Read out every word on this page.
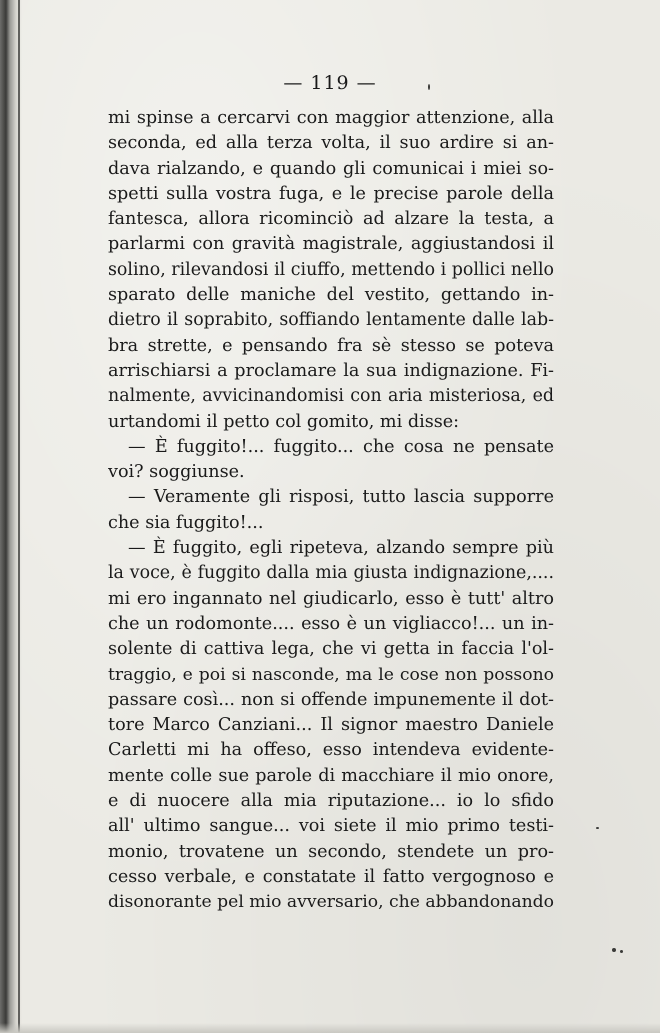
— 119 —
mi spinse a cercarvi con maggior attenzione, alla
seconda, ed alla terza volta, il suo ardire si an-
dava rialzando, e quando gli comunicai i miei so-
spetti sulla vostra fuga, e le precise parole della
fantesca, allora ricominciò ad alzare la testa, a
parlarmi con gravità magistrale, aggiustandosi il
solino, rilevandosi il ciuffo, mettendo i pollici nello
sparato delle maniche del vestito, gettando in-
dietro il soprabito, soffiando lentamente dalle lab-
bra strette, e pensando fra sè stesso se poteva
arrischiarsi a proclamare la sua indignazione. Fi-
nalmente, avvicinandomisi con aria misteriosa, ed
urtandomi il petto col gomito, mi disse:
— È fuggito!... fuggito... che cosa ne pensate
voi? soggiunse.
— Veramente gli risposi, tutto lascia supporre
che sia fuggito!...
— È fuggito, egli ripeteva, alzando sempre più
la voce, è fuggito dalla mia giusta indignazione,....
mi ero ingannato nel giudicarlo, esso è tutt' altro
che un rodomonte.... esso è un vigliacco!... un in-
solente di cattiva lega, che vi getta in faccia l'ol-
traggio, e poi si nasconde, ma le cose non possono
passare così... non si offende impunemente il dot-
tore Marco Canziani... Il signor maestro Daniele
Carletti mi ha offeso, esso intendeva evidente-
mente colle sue parole di macchiare il mio onore,
e di nuocere alla mia riputazione... io lo sfido
all' ultimo sangue... voi siete il mio primo testi-
monio, trovatene un secondo, stendete un pro-
cesso verbale, e constatate il fatto vergognoso e
disonorante pel mio avversario, che abbandonando
